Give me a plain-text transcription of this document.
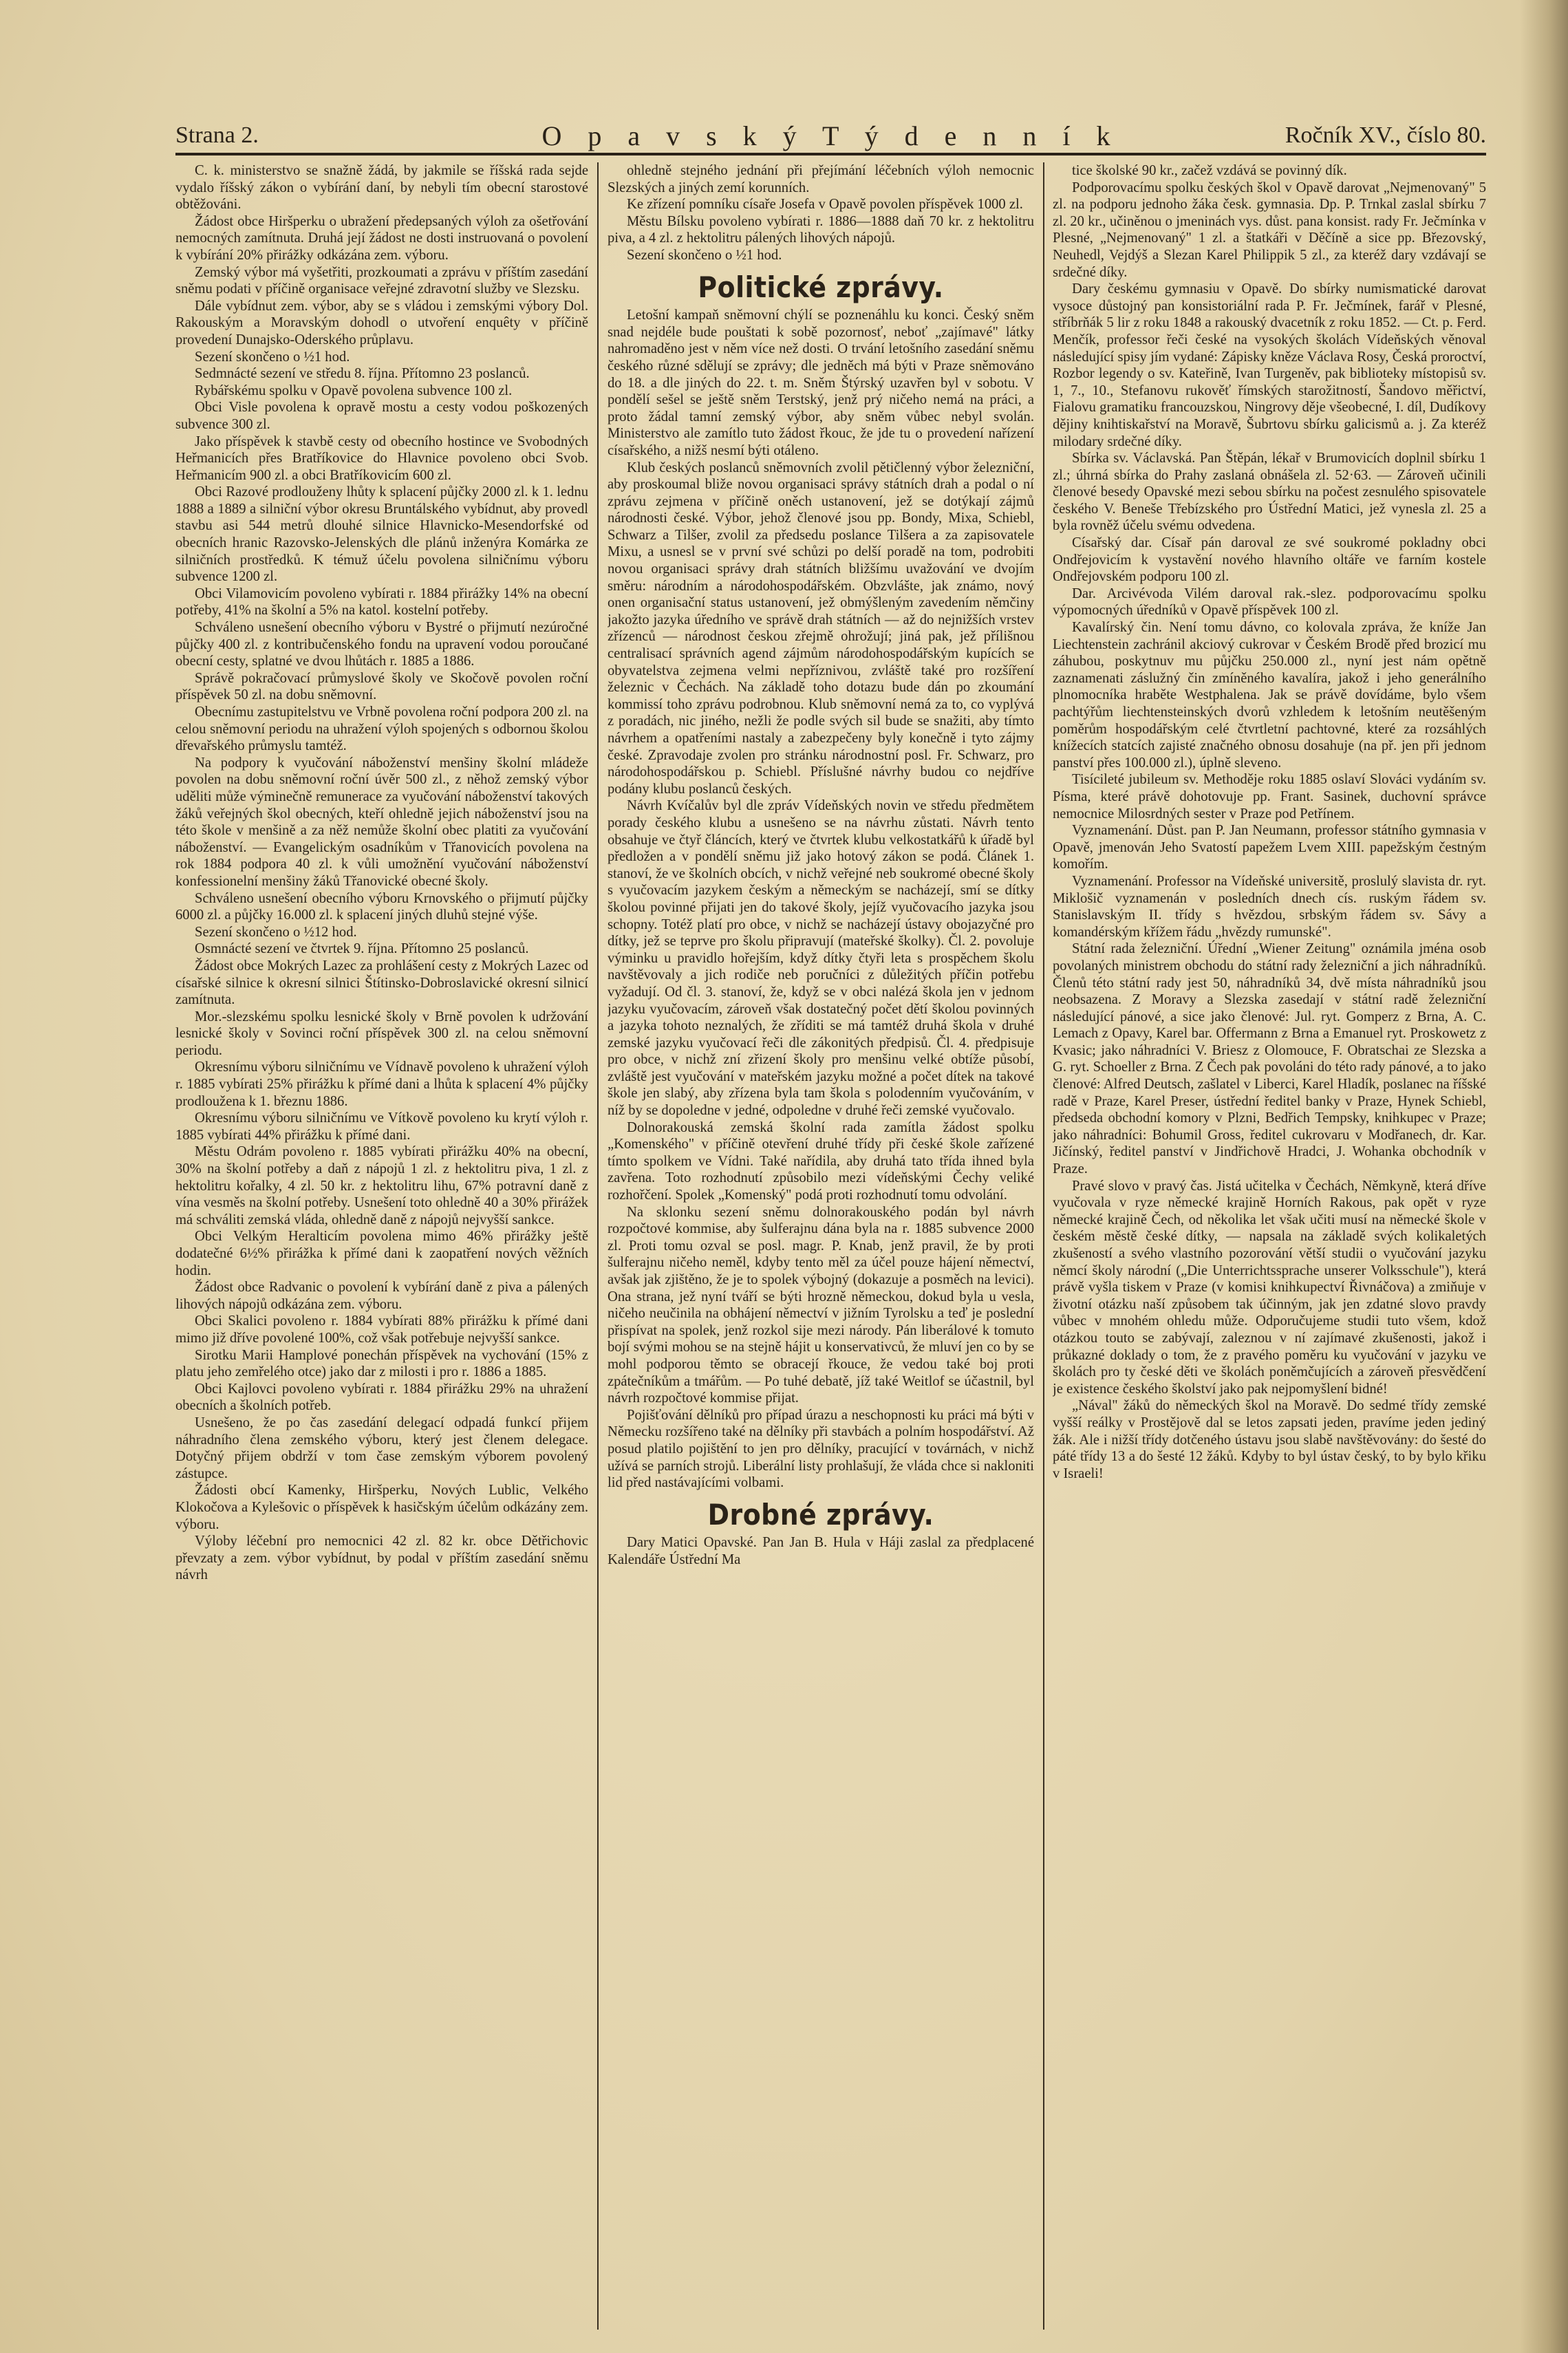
Strana 2.	O p a v s k ý T ý d e n n í k	Ročník XV., číslo 80.

C. k. ministerstvo se snažně žádá, by jakmile se říšská rada sejde vydalo říšský zákon o vybírání daní, by nebyli tím obecní starostové obtěžováni.

Žádost obce Hiršperku o ubražení předepsaných výloh za ošetřování nemocných zamítnuta. Druhá její žádost ne dosti instruovaná o povolení k vybírání 20% přirážky odkázána zem. výboru.

Zemský výbor má vyšetřiti, prozkoumati a zprávu v příštím zasedání sněmu podati v příčině organisace veřejné zdravotní služby ve Slezsku.

Dále vybídnut zem. výbor, aby se s vládou i zemskými výbory Dol. Rakouským a Moravským dohodl o utvoření enquêty v příčině provedení Dunajsko-Oderského průplavu.

Sezení skončeno o ½1 hod.

Sedmnácté sezení ve středu 8. října. Přítomno 23 poslanců.

Rybářskému spolku v Opavě povolena subvence 100 zl.

Obci Visle povolena k opravě mostu a cesty vodou poškozených subvence 300 zl.

Jako příspěvek k stavbě cesty od obecního hostince ve Svobodných Heřmanicích přes Bratříkovice do Hlavnice povoleno obci Svob. Heřmanicím 900 zl. a obci Bratříkovicím 600 zl.

Obci Razové prodlouženy lhůty k splacení půjčky 2000 zl. k 1. lednu 1888 a 1889 a silniční výbor okresu Bruntálského vybídnut, aby provedl stavbu asi 544 metrů dlouhé silnice Hlavnicko-Mesendorfské od obecních hranic Razovsko-Jelenských dle plánů inženýra Komárka ze silničních prostředků. K témuž účelu povolena silničnímu výboru subvence 1200 zl.

Obci Vilamovicím povoleno vybírati r. 1884 přirážky 14% na obecní potřeby, 41% na školní a 5% na katol. kostelní potřeby.

Schváleno usnešení obecního výboru v Bystré o přijmutí nezúročné půjčky 400 zl. z kontribučenského fondu na upravení vodou poroučané obecní cesty, splatné ve dvou lhůtách r. 1885 a 1886.

Správě pokračovací průmyslové školy ve Skočově povolen roční příspěvek 50 zl. na dobu sněmovní.

Obecnímu zastupitelstvu ve Vrbně povolena roční podpora 200 zl. na celou sněmovní periodu na uhražení výloh spojených s odbornou školou dřevařského průmyslu tamtéž.

Na podpory k vyučování náboženství menšiny školní mládeže povolen na dobu sněmovní roční úvěr 500 zl., z něhož zemský výbor uděliti může výminečně remunerace za vyučování náboženství takových žáků veřejných škol obecných, kteří ohledně jejich náboženství jsou na této škole v menšině a za něž nemůže školní obec platiti za vyučování náboženství. — Evangelickým osadníkům v Třanovicích povolena na rok 1884 podpora 40 zl. k vůli umožnění vyučování náboženství konfessionelní menšiny žáků Třanovické obecné školy.

Schváleno usnešení obecního výboru Krnovského o přijmutí půjčky 6000 zl. a půjčky 16.000 zl. k splacení jiných dluhů stejné výše.

Sezení skončeno o ½12 hod.

Osmnácté sezení ve čtvrtek 9. října. Přítomno 25 poslanců.

Žádost obce Mokrých Lazec za prohlášení cesty z Mokrých Lazec od císařské silnice k okresní silnici Štítinsko-Dobroslavické okresní silnicí zamítnuta.

Mor.-slezskému spolku lesnické školy v Brně povolen k udržování lesnické školy v Sovinci roční příspěvek 300 zl. na celou sněmovní periodu.

Okresnímu výboru silničnímu ve Vídnavě povoleno k uhražení výloh r. 1885 vybírati 25% přirážku k přímé dani a lhůta k splacení 4% půjčky prodloužena k 1. březnu 1886.

Okresnímu výboru silničnímu ve Vítkově povoleno ku krytí výloh r. 1885 vybírati 44% přirážku k přímé dani.

Městu Odrám povoleno r. 1885 vybírati přirážku 40% na obecní, 30% na školní potřeby a daň z nápojů 1 zl. z hektolitru piva, 1 zl. z hektolitru kořalky, 4 zl. 50 kr. z hektolitru lihu, 67% potravní daně z vína vesměs na školní potřeby. Usnešení toto ohledně 40 a 30% přirážek má schváliti zemská vláda, ohledně daně z nápojů nejvyšší sankce.

Obci Velkým Heralticím povolena mimo 46% přirážky ještě dodatečné 6½% přirážka k přímé dani k zaopatření nových věžních hodin.

Žádost obce Radvanic o povolení k vybírání daně z piva a pálených lihových nápojů odkázána zem. výboru.

Obci Skalici povoleno r. 1884 vybírati 88% přirážku k přímé dani mimo již dříve povolené 100%, což však potřebuje nejvyšší sankce.

Sirotku Marii Hamplové ponechán příspěvek na vychování (15% z platu jeho zemřelého otce) jako dar z milosti i pro r. 1886 a 1885.

Obci Kajlovci povoleno vybírati r. 1884 přirážku 29% na uhražení obecních a školních potřeb.

Usnešeno, že po čas zasedání delegací odpadá funkcí přijem náhradního člena zemského výboru, který jest členem delegace. Dotyčný přijem obdrží v tom čase zemským výborem povolený zástupce.

Žádosti obcí Kamenky, Hiršperku, Nových Lublic, Velkého Klokočova a Kylešovic o příspěvek k hasičským účelům odkázány zem. výboru.

Výloby léčební pro nemocnici 42 zl. 82 kr. obce Dětřichovic převzaty a zem. výbor vybídnut, by podal v příštím zasedání sněmu návrh

ohledně stejného jednání při přejímání léčebních výloh nemocnic Slezských a jiných zemí korunních.

Ke zřízení pomníku císaře Josefa v Opavě povolen příspěvek 1000 zl.

Městu Bílsku povoleno vybírati r. 1886—1888 daň 70 kr. z hektolitru piva, a 4 zl. z hektolitru pálených lihových nápojů.

Sezení skončeno o ½1 hod.

Politické zprávy.

Letošní kampaň sněmovní chýlí se poznenáhlu ku konci. Český sněm snad nejdéle bude pouštati k sobě pozornosť, neboť „zajímavé" látky nahromaděno jest v něm více než dosti. O trvání letošního zasedání sněmu českého různé sdělují se zprávy; dle jedněch má býti v Praze sněmováno do 18. a dle jiných do 22. t. m. Sněm Štýrský uzavřen byl v sobotu. V pondělí sešel se ještě sněm Terstský, jenž prý ničeho nemá na práci, a proto žádal tamní zemský výbor, aby sněm vůbec nebyl svolán. Ministerstvo ale zamítlo tuto žádost řkouc, že jde tu o provedení nařízení císařského, a nižš nesmí býti otáleno.

Klub českých poslanců sněmovních zvolil pětičlenný výbor železniční, aby proskoumal bliže novou organisaci správy státních drah a podal o ní zprávu zejmena v příčině oněch ustanovení, jež se dotýkají zájmů národnosti české. Výbor, jehož členové jsou pp. Bondy, Mixa, Schiebl, Schwarz a Tilšer, zvolil za předsedu poslance Tilšera a za zapisovatele Mixu, a usnesl se v první své schůzi po delší poradě na tom, podrobiti novou organisaci správy drah státních bližšímu uvažování ve dvojím směru: národním a národohospodářském. Obzvlášte, jak známo, nový onen organisační status ustanovení, jež obmýšleným zavedením němčiny jakožto jazyka úředního ve správě drah státních — až do nejnižších vrstev zřízenců — národnost českou zřejmě ohrožují; jiná pak, jež přílišnou centralisací správních agend zájmům národohospodářským kupících se obyvatelstva zejmena velmi nepříznivou, zvláště také pro rozšíření železnic v Čechách. Na základě toho dotazu bude dán po zkoumání kommissí toho zprávu podrobnou. Klub sněmovní nemá za to, co vyplývá z poradách, nic jiného, nežli že podle svých sil bude se snažiti, aby tímto návrhem a opatřeními nastaly a zabezpečeny byly konečně i tyto zájmy české. Zpravodaje zvolen pro stránku národnostní posl. Fr. Schwarz, pro národohospodářskou p. Schiebl. Příslušné návrhy budou co nejdříve podány klubu poslanců českých.

Návrh Kvíčalův byl dle zpráv Vídeňských novin ve středu předmětem porady českého klubu a usnešeno se na návrhu zůstati. Návrh tento obsahuje ve čtyř článcích, který ve čtvrtek klubu velkostatkářů k úřadě byl předložen a v pondělí sněmu již jako hotový zákon se podá. Článek 1. stanoví, že ve školních obcích, v nichž veřejné neb soukromé obecné školy s vyučovacím jazykem českým a německým se nacházejí, smí se dítky školou povinné přijati jen do takové školy, jejíž vyučovacího jazyka jsou schopny. Totéž platí pro obce, v nichž se nacházejí ústavy obojazyčné pro dítky, jež se teprve pro školu připravují (mateřské školky). Čl. 2. povoluje výminku u pravidlo hořejším, když dítky čtyři leta s prospěchem školu navštěvovaly a jich rodiče neb poručníci z důležitých příčin potřebu vyžadují. Od čl. 3. stanoví, že, když se v obci nalézá škola jen v jednom jazyku vyučovacím, zároveň však dostatečný počet dětí školou povinných a jazyka tohoto neznalých, že zříditi se má tamtéž druhá škola v druhé zemské jazyku vyučovací řeči dle zákonitých předpisů. Čl. 4. předpisuje pro obce, v nichž zní zřizení školy pro menšinu velké obtíže působí, zvláště jest vyučování v mateřském jazyku možné a počet dítek na takové škole jen slabý, aby zřízena byla tam škola s polodenním vyučováním, v níž by se dopoledne v jedné, odpoledne v druhé řeči zemské vyučovalo.

Dolnorakouská zemská školní rada zamítla žádost spolku „Komenského" v příčině otevření druhé třídy při české škole zařízené tímto spolkem ve Vídni. Také nařídila, aby druhá tato třída ihned byla zavřena. Toto rozhodnutí způsobilo mezi vídeňskými Čechy veliké rozhořčení. Spolek „Komenský" podá proti rozhodnutí tomu odvolání.

Na sklonku sezení sněmu dolnorakouského podán byl návrh rozpočtové kommise, aby šulferajnu dána byla na r. 1885 subvence 2000 zl. Proti tomu ozval se posl. magr. P. Knab, jenž pravil, že by proti šulferajnu ničeho neměl, kdyby tento měl za účel pouze hájení němectví, avšak jak zjištěno, že je to spolek výbojný (dokazuje a posměch na levici). Ona strana, jež nyní tváří se býti hrozně německou, dokud byla u vesla, ničeho neučinila na obhájení němectví v jižním Tyrolsku a teď je poslední přispívat na spolek, jenž rozkol sije mezi národy. Pán liberálové k tomuto bojí svými mohou se na stejně hájit u konservativců, že mluví jen co by se mohl podporou těmto se obracejí řkouce, že vedou také boj proti zpátečníkům a tmářům. — Po tuhé debatě, jíž také Weitlof se účastnil, byl návrh rozpočtové kommise přijat.

Pojišťování dělníků pro případ úrazu a neschopnosti ku práci má býti v Německu rozšířeno také na dělníky při stavbách a polním hospodářství. Až posud platilo pojištění to jen pro dělníky, pracující v továrnách, v nichž užívá se parních strojů. Liberální listy prohlašují, že vláda chce si nakloniti lid před nastávajícími volbami.

Drobné zprávy.

Dary Matici Opavské. Pan Jan B. Hula v Háji zaslal za předplacené Kalendáře Ústřední Ma

tice školské 90 kr., začež vzdává se povinný dík.

Podporovacímu spolku českých škol v Opavě darovat „Nejmenovaný" 5 zl. na podporu jednoho žáka česk. gymnasia. Dp. P. Trnkal zaslal sbírku 7 zl. 20 kr., učiněnou o jmeninách vys. důst. pana konsist. rady Fr. Ječmínka v Plesné, „Nejmenovaný" 1 zl. a štatkáři v Děčíně a sice pp. Březovský, Neuhedl, Vejdýš a Slezan Karel Philippik 5 zl., za kteréž dary vzdávají se srdečné díky.

Dary českému gymnasiu v Opavě. Do sbírky numismatické darovat vysoce důstojný pan konsistoriální rada P. Fr. Ječmínek, farář v Plesné, stříbrňák 5 lir z roku 1848 a rakouský dvacetník z roku 1852. — Ct. p. Ferd. Menčík, professor řeči české na vysokých školách Vídeňských věnoval následující spisy jím vydané: Zápisky kněze Václava Rosy, Česká proroctví, Rozbor legendy o sv. Kateřině, Ivan Turgeněv, pak biblioteky místopisů sv. 1, 7., 10., Stefanovu rukověť římských starožitností, Šandovo měřictví, Fialovu gramatiku francouzskou, Ningrovy děje všeobecné, I. díl, Dudíkovy dějiny knihtiskařství na Moravě, Šubrtovu sbírku galicismů a. j. Za kteréž milodary srdečné díky.

Sbírka sv. Václavská. Pan Štěpán, lékař v Brumovicích doplnil sbírku 1 zl.; úhrná sbírka do Prahy zaslaná obnášela zl. 52·63. — Zároveň učinili členové besedy Opavské mezi sebou sbírku na počest zesnulého spisovatele českého V. Beneše Třebízského pro Ústřední Matici, jež vynesla zl. 25 a byla rovněž účelu svému odvedena.

Císařský dar. Císař pán daroval ze své soukromé pokladny obci Ondřejovicím k vystavění nového hlavního oltáře ve farním kostele Ondřejovském podporu 100 zl.

Dar. Arcivévoda Vilém daroval rak.-slez. podporovacímu spolku výpomocných úředníků v Opavě příspěvek 100 zl.

Kavalírský čin. Není tomu dávno, co kolovala zpráva, že kníže Jan Liechtenstein zachránil akciový cukrovar v Českém Brodě před brozicí mu záhubou, poskytnuv mu půjčku 250.000 zl., nyní jest nám opětně zaznamenati záslužný čin zmíněného kavalíra, jakož i jeho generálního plnomocníka hraběte Westphalena. Jak se právě dovídáme, bylo všem pachtýřům liechtensteinských dvorů vzhledem k letošním neutěšeným poměrům hospodářským celé čtvrtletní pachtovné, které za rozsáhlých knížecích statcích zajisté značného obnosu dosahuje (na př. jen při jednom panství přes 100.000 zl.), úplně sleveno.

Tisícileté jubileum sv. Methoděje roku 1885 oslaví Slováci vydáním sv. Písma, které právě dohotovuje pp. Frant. Sasinek, duchovní správce nemocnice Milosrdných sester v Praze pod Petřínem.

Vyznamenání. Důst. pan P. Jan Neumann, professor státního gymnasia v Opavě, jmenován Jeho Svatostí papežem Lvem XIII. papežským čestným komořím.

Vyznamenání. Professor na Vídeňské universitě, proslulý slavista dr. ryt. Miklošič vyznamenán v posledních dnech cís. ruským řádem sv. Stanislavským II. třídy s hvězdou, srbským řádem sv. Sávy a komandérským křížem řádu „hvězdy rumunské".

Státní rada železniční. Úřední „Wiener Zeitung" oznámila jména osob povolaných ministrem obchodu do státní rady železniční a jich náhradníků. Členů této státní rady jest 50, náhradníků 34, dvě místa náhradníků jsou neobsazena. Z Moravy a Slezska zasedají v státní radě železniční následující pánové, a sice jako členové: Jul. ryt. Gomperz z Brna, A. C. Lemach z Opavy, Karel bar. Offermann z Brna a Emanuel ryt. Proskowetz z Kvasic; jako náhradníci V. Briesz z Olomouce, F. Obratschai ze Slezska a G. ryt. Schoeller z Brna. Z Čech pak povoláni do této rady pánové, a to jako členové: Alfred Deutsch, zašlatel v Liberci, Karel Hladík, poslanec na říšské radě v Praze, Karel Preser, ústřední ředitel banky v Praze, Hynek Schiebl, předseda obchodní komory v Plzni, Bedřich Tempsky, knihkupec v Praze; jako náhradníci: Bohumil Gross, ředitel cukrovaru v Modřanech, dr. Kar. Jičínský, ředitel panství v Jindřichově Hradci, J. Wohanka obchodník v Praze.

Pravé slovo v pravý čas. Jistá učitelka v Čechách, Němkyně, která dříve vyučovala v ryze německé krajině Horních Rakous, pak opět v ryze německé krajině Čech, od několika let však učiti musí na německé škole v českém městě české dítky, — napsala na základě svých kolikaletých zkušeností a svého vlastního pozorování větší studii o vyučování jazyku němcí školy národní („Die Unterrichtssprache unserer Volksschule"), která právě vyšla tiskem v Praze (v komisi knihkupectví Řivnáčova) a zmiňuje v životní otázku naší způsobem tak účinným, jak jen zdatné slovo pravdy vůbec v mnohém ohledu může. Odporučujeme studii tuto všem, kdož otázkou touto se zabývají, zaleznou v ní zajímavé zkušenosti, jakož i průkazné doklady o tom, že z pravého poměru ku vyučování v jazyku ve školách pro ty české děti ve školách poněmčujících a zároveň přesvědčení je existence českého školství jako pak nejpomyšlení bidné!

„Nával" žáků do německých škol na Moravě. Do sedmé třídy zemské vyšší reálky v Prostějově dal se letos zapsati jeden, pravíme jeden jediný žák. Ale i nižší třídy dotčeného ústavu jsou slabě navštěvovány: do šesté do páté třídy 13 a do šesté 12 žáků. Kdyby to byl ústav český, to by bylo křiku v Israeli!
